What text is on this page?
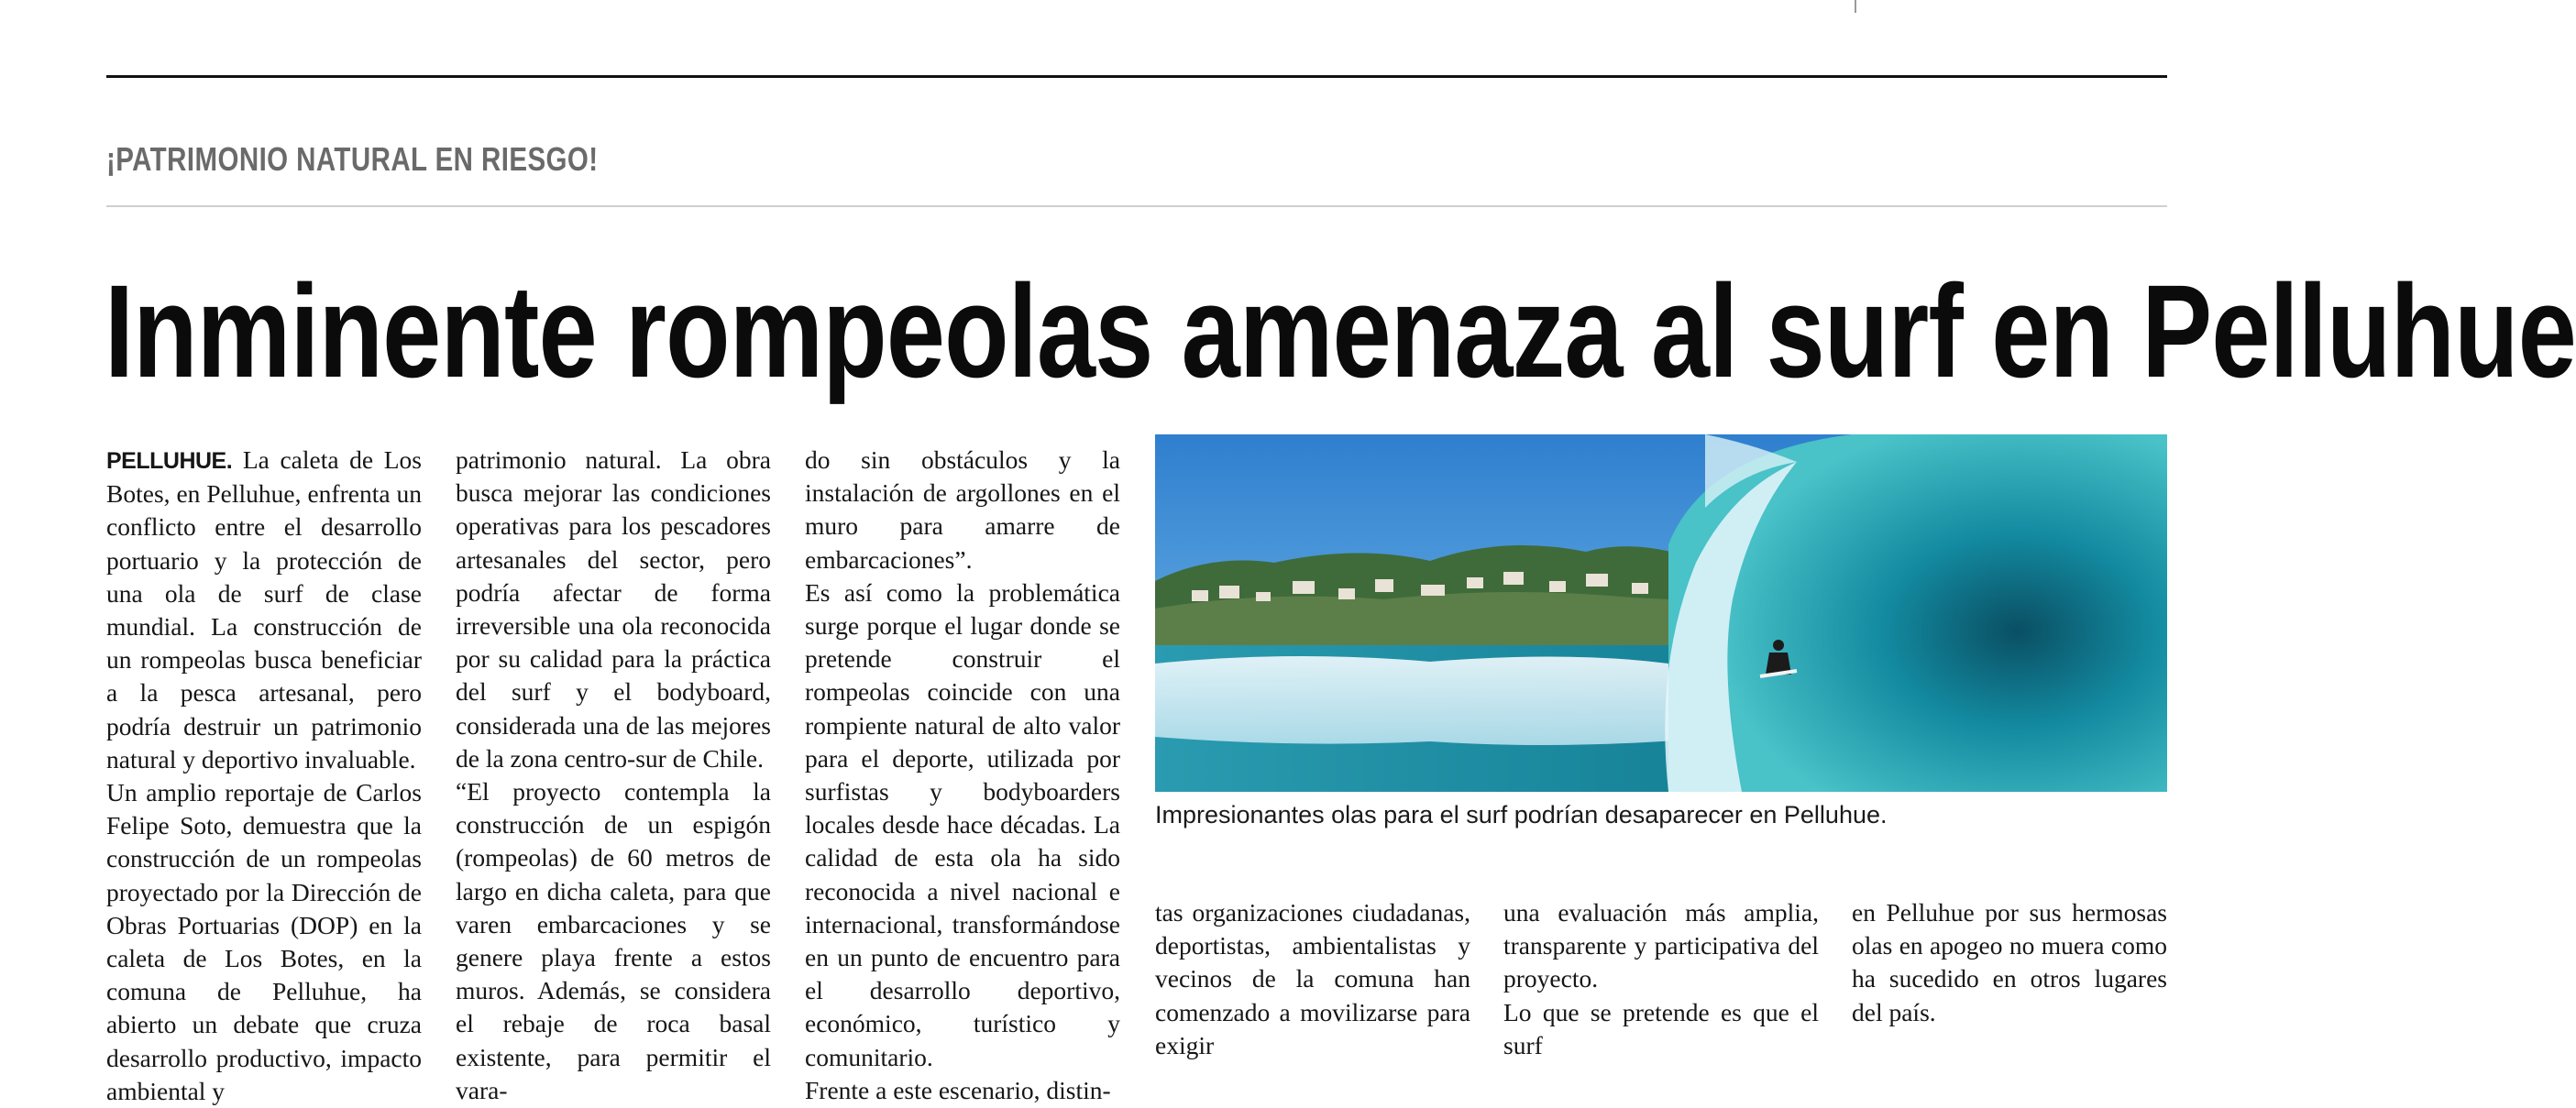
¡PATRIMONIO NATURAL EN RIESGO!
Inminente rompeolas amenaza al surf en Pelluhue
PELLUHUE. La caleta de Los Botes, en Pelluhue, enfrenta un conflicto entre el desarrollo portuario y la protección de una ola de surf de clase mundial. La construcción de un rompeolas busca beneficiar a la pesca artesanal, pero podría destruir un patrimonio natural y deportivo invaluable.
Un amplio reportaje de Carlos Felipe Soto, demuestra que la construcción de un rompeolas proyectado por la Dirección de Obras Portuarias (DOP) en la caleta de Los Botes, en la comuna de Pelluhue, ha abierto un debate que cruza desarrollo productivo, impacto ambiental y
patrimonio natural. La obra busca mejorar las condiciones operativas para los pescadores artesanales del sector, pero podría afectar de forma irreversible una ola reconocida por su calidad para la práctica del surf y el bodyboard, considerada una de las mejores de la zona centro-sur de Chile.
“El proyecto contempla la construcción de un espigón (rompeolas) de 60 metros de largo en dicha caleta, para que varen embarcaciones y se genere playa frente a estos muros. Además, se considera el rebaje de roca basal existente, para permitir el vara-
do sin obstáculos y la instalación de argollones en el muro para amarre de embarcaciones”.
Es así como la problemática surge porque el lugar donde se pretende construir el rompeolas coincide con una rompiente natural de alto valor para el deporte, utilizada por surfistas y bodyboarders locales desde hace décadas. La calidad de esta ola ha sido reconocida a nivel nacional e internacional, transformándose en un punto de encuentro para el desarrollo deportivo, económico, turístico y comunitario.
Frente a este escenario, distin-

Impresionantes olas para el surf podrían desaparecer en Pelluhue.

tas organizaciones ciudadanas, deportistas, ambientalistas y vecinos de la comuna han comenzado a movilizarse para exigir
una evaluación más amplia, transparente y participativa del proyecto.
Lo que se pretende es que el surf
en Pelluhue por sus hermosas olas en apogeo no muera como ha sucedido en otros lugares del país.
